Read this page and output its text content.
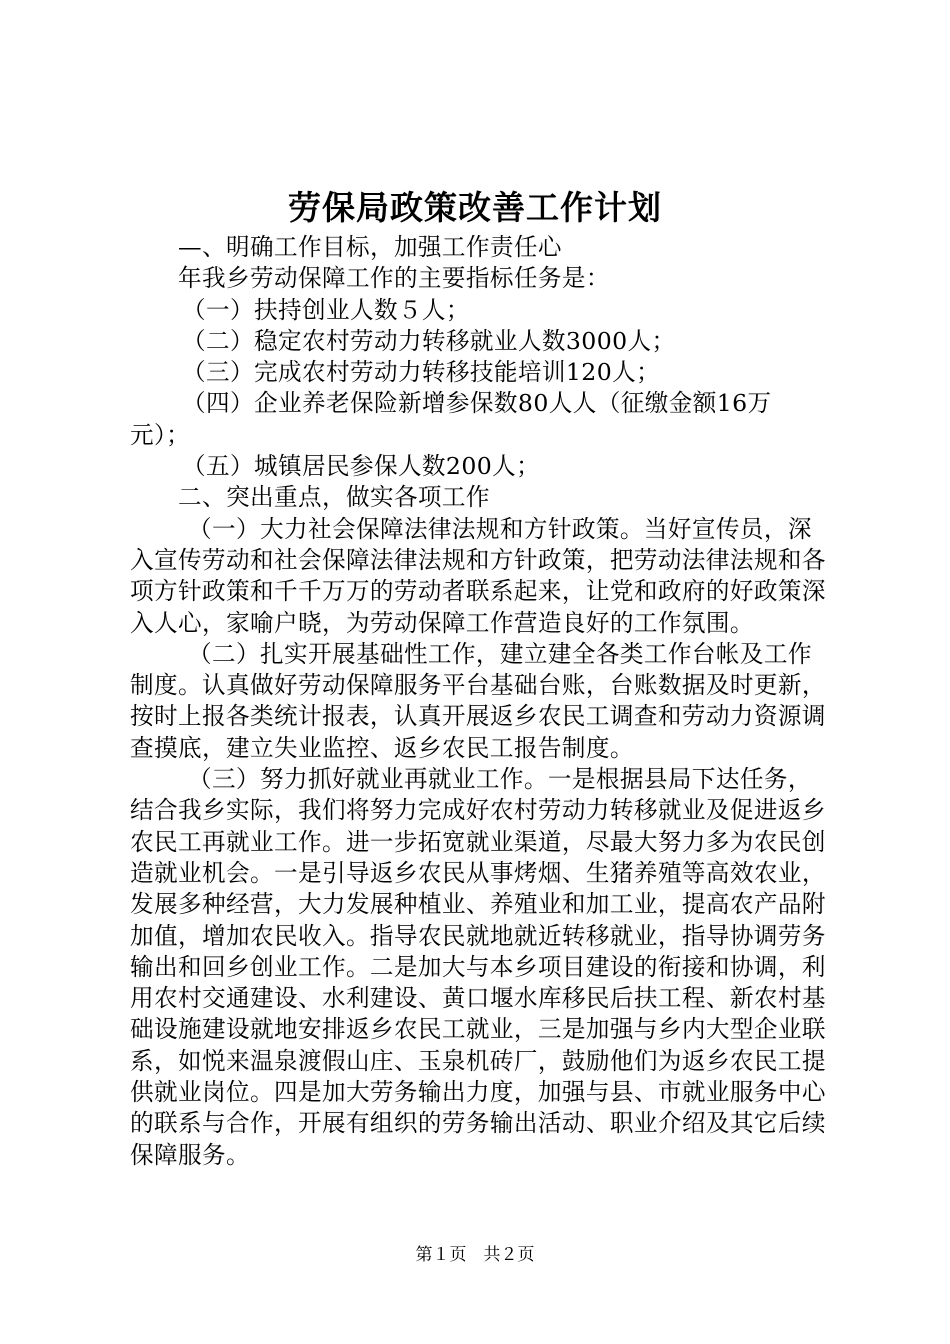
劳保局政策改善工作计划

—、明确工作目标，加强工作责任心

年我乡劳动保障工作的主要指标任务是：

（一）扶持创业人数５人；

（二）稳定农村劳动力转移就业人数3000人；

（三）完成农村劳动力转移技能培训120人；

（四）企业养老保险新增参保数80人人（征缴金额16万元）；

（五）城镇居民参保人数200人；

二、突出重点，做实各项工作

（一）大力社会保障法律法规和方针政策。当好宣传员，深入宣传劳动和社会保障法律法规和方针政策，把劳动法律法规和各项方针政策和千千万万的劳动者联系起来，让党和政府的好政策深入人心，家喻户晓，为劳动保障工作营造良好的工作氛围。

（二）扎实开展基础性工作，建立建全各类工作台帐及工作制度。认真做好劳动保障服务平台基础台账，台账数据及时更新，按时上报各类统计报表，认真开展返乡农民工调查和劳动力资源调查摸底，建立失业监控、返乡农民工报告制度。

（三）努力抓好就业再就业工作。一是根据县局下达任务，结合我乡实际，我们将努力完成好农村劳动力转移就业及促进返乡农民工再就业工作。进一步拓宽就业渠道，尽最大努力多为农民创造就业机会。一是引导返乡农民从事烤烟、生猪养殖等高效农业，发展多种经营，大力发展种植业、养殖业和加工业，提高农产品附加值，增加农民收入。指导农民就地就近转移就业，指导协调劳务输出和回乡创业工作。二是加大与本乡项目建设的衔接和协调，利用农村交通建设、水利建设、黄口堰水库移民后扶工程、新农村基础设施建设就地安排返乡农民工就业，三是加强与乡内大型企业联系，如悦来温泉渡假山庄、玉泉机砖厂，鼓励他们为返乡农民工提供就业岗位。四是加大劳务输出力度，加强与县、市就业服务中心的联系与合作，开展有组织的劳务输出活动、职业介绍及其它后续保障服务。

第１页　共２页
